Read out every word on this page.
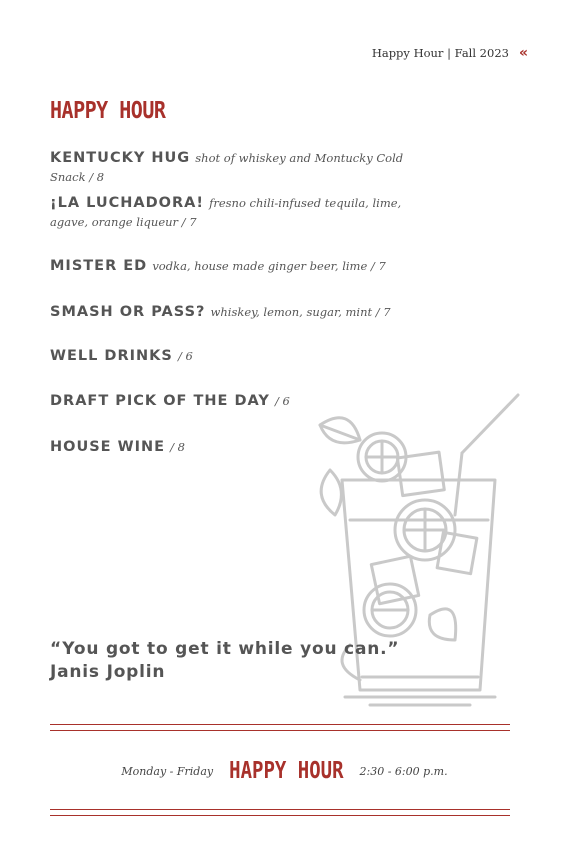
Happy Hour | Fall 2023 «
HAPPY HOUR
KENTUCKY HUG shot of whiskey and Montucky Cold Snack / 8
¡LA LUCHADORA! fresno chili-infused tequila, lime, agave, orange liqueur / 7
MISTER ED vodka, house made ginger beer, lime / 7
SMASH OR PASS? whiskey, lemon, sugar, mint / 7
WELL DRINKS / 6
DRAFT PICK OF THE DAY / 6
HOUSE WINE / 8
“You got to get it while you can.”
Janis Joplin
Monday - Friday HAPPY HOUR 2:30 - 6:00 p.m.
